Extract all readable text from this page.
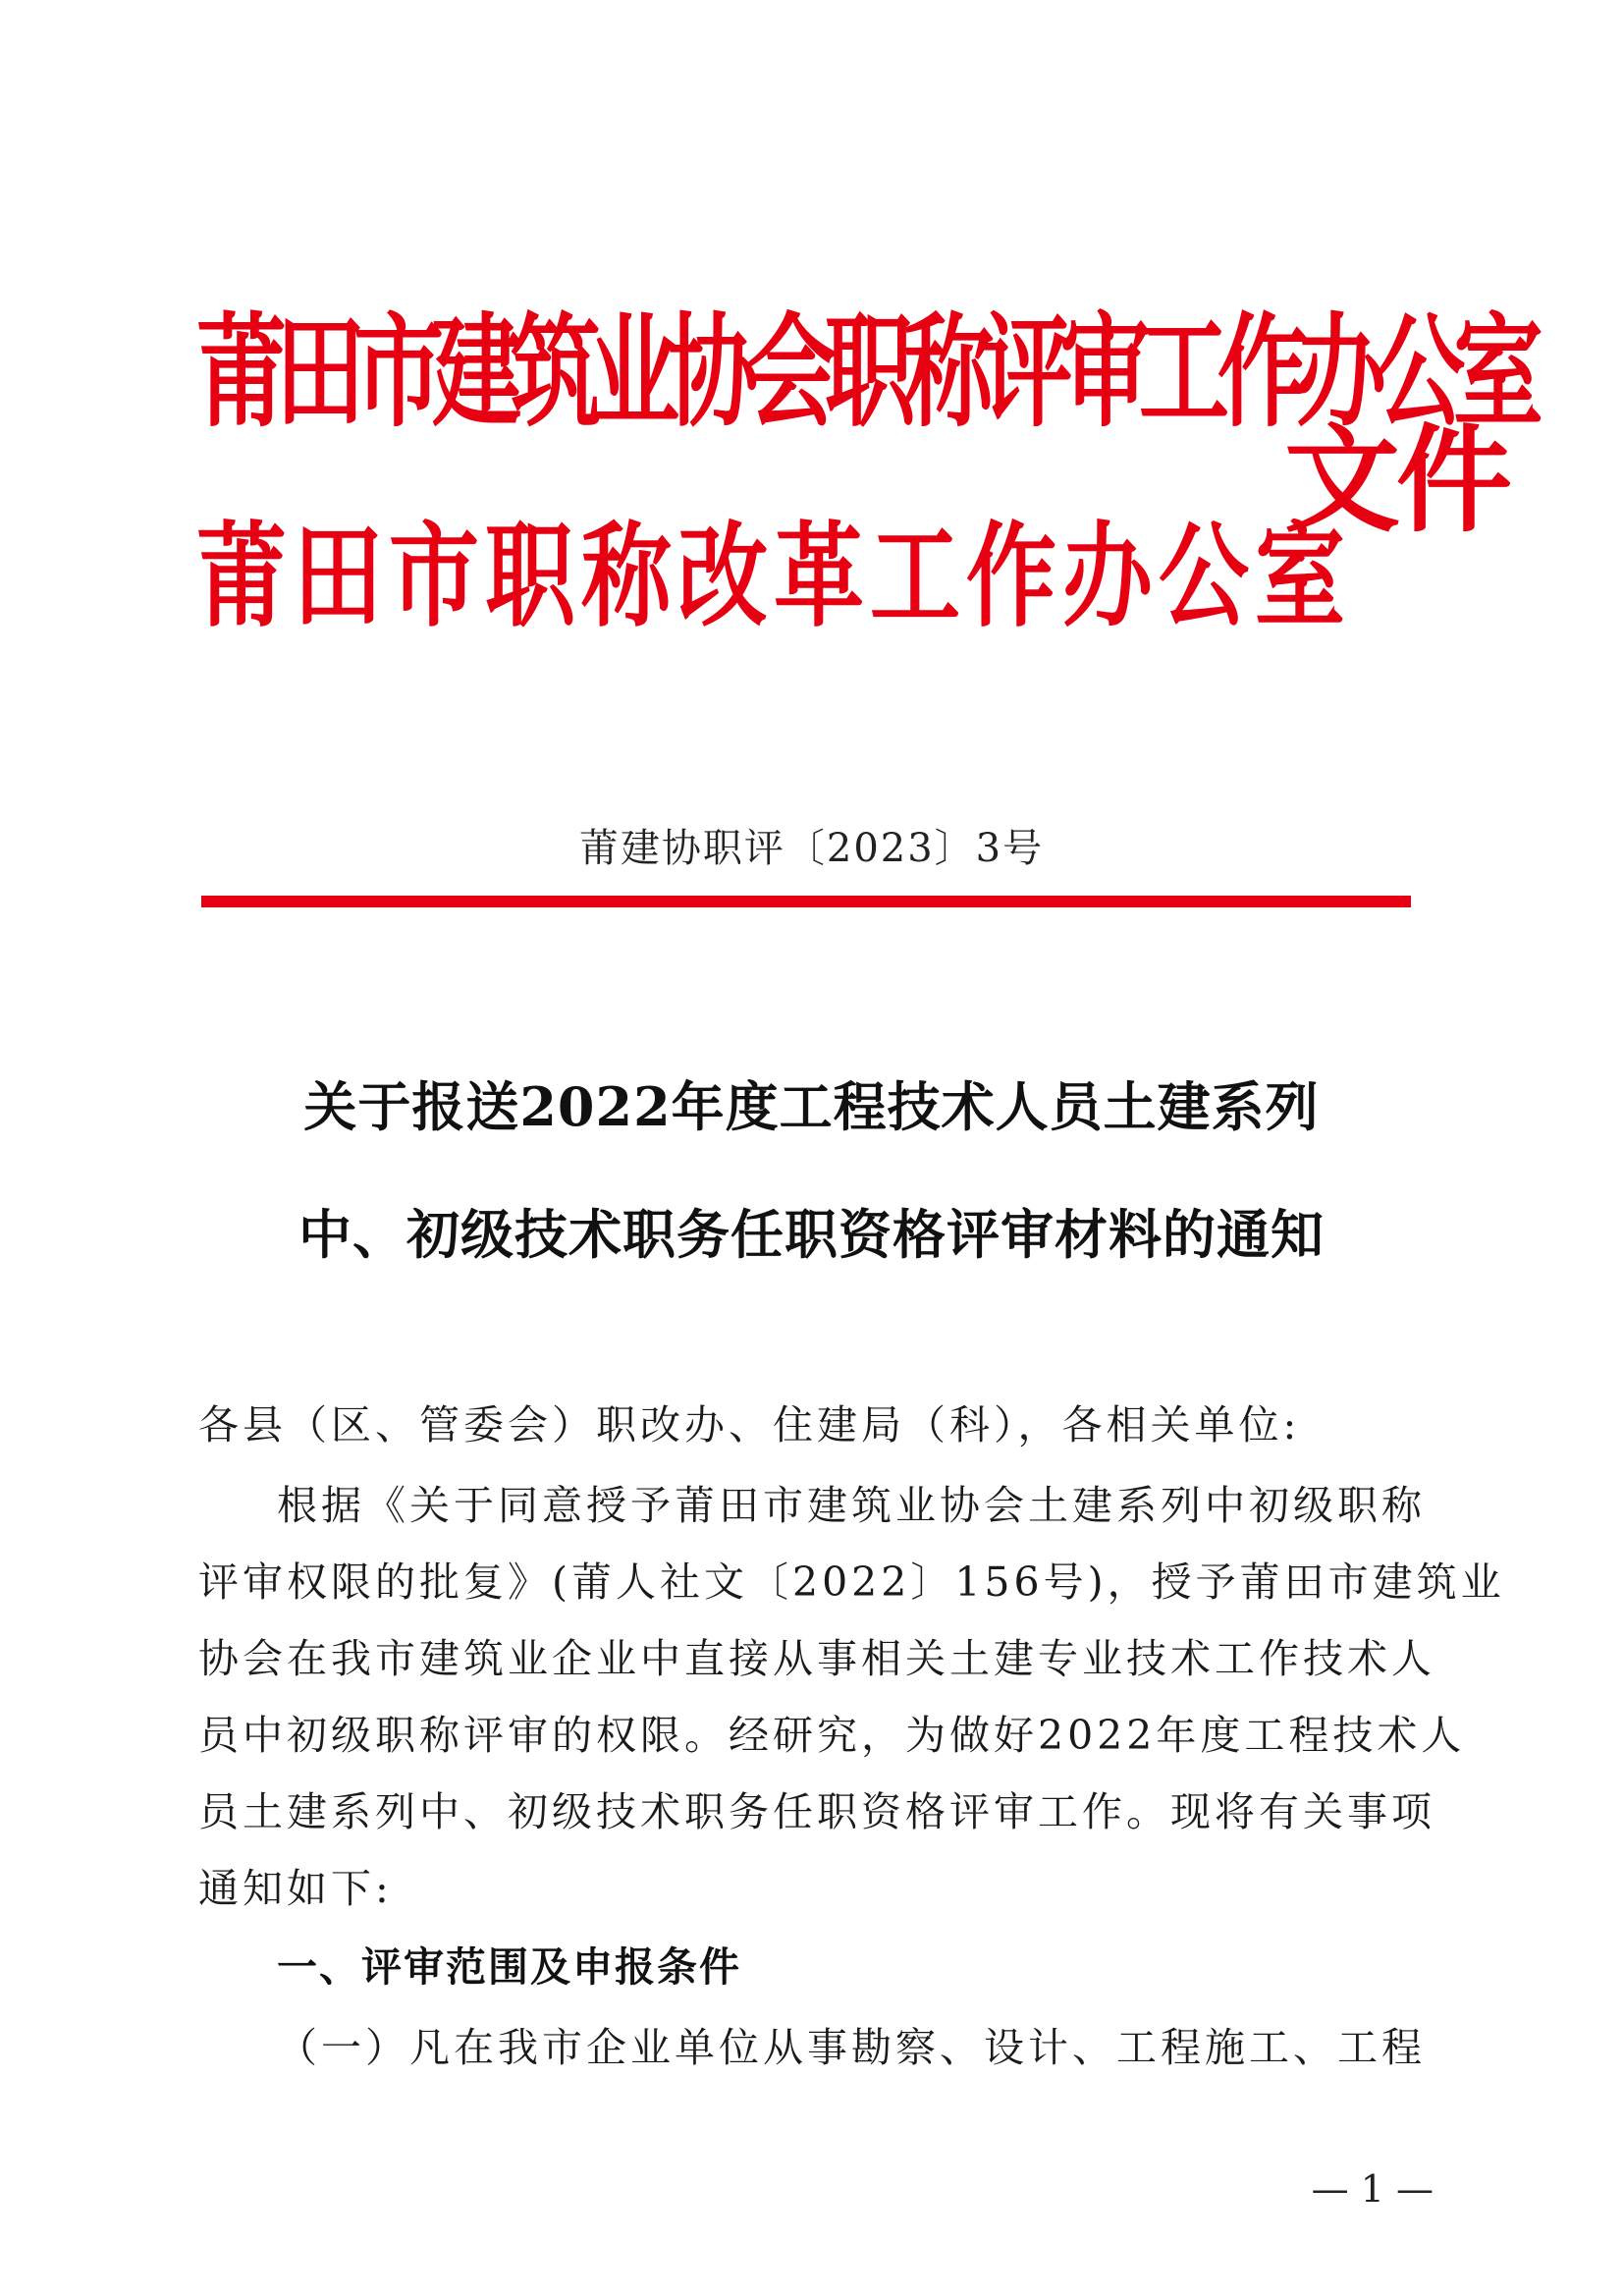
莆田市建筑业协会职称评审工作办公室
莆田市职称改革工作办公室
文件
莆建协职评〔2023〕3号
关于报送2022年度工程技术人员土建系列
中、初级技术职务任职资格评审材料的通知
各县（区、管委会）职改办、住建局（科），各相关单位:
根据《关于同意授予莆田市建筑业协会土建系列中初级职称
评审权限的批复》(莆人社文〔2022〕156号)，授予莆田市建筑业
协会在我市建筑业企业中直接从事相关土建专业技术工作技术人
员中初级职称评审的权限。经研究，为做好2022年度工程技术人
员土建系列中、初级技术职务任职资格评审工作。现将有关事项
通知如下:
一、评审范围及申报条件
（一）凡在我市企业单位从事勘察、设计、工程施工、工程
— 1 —
